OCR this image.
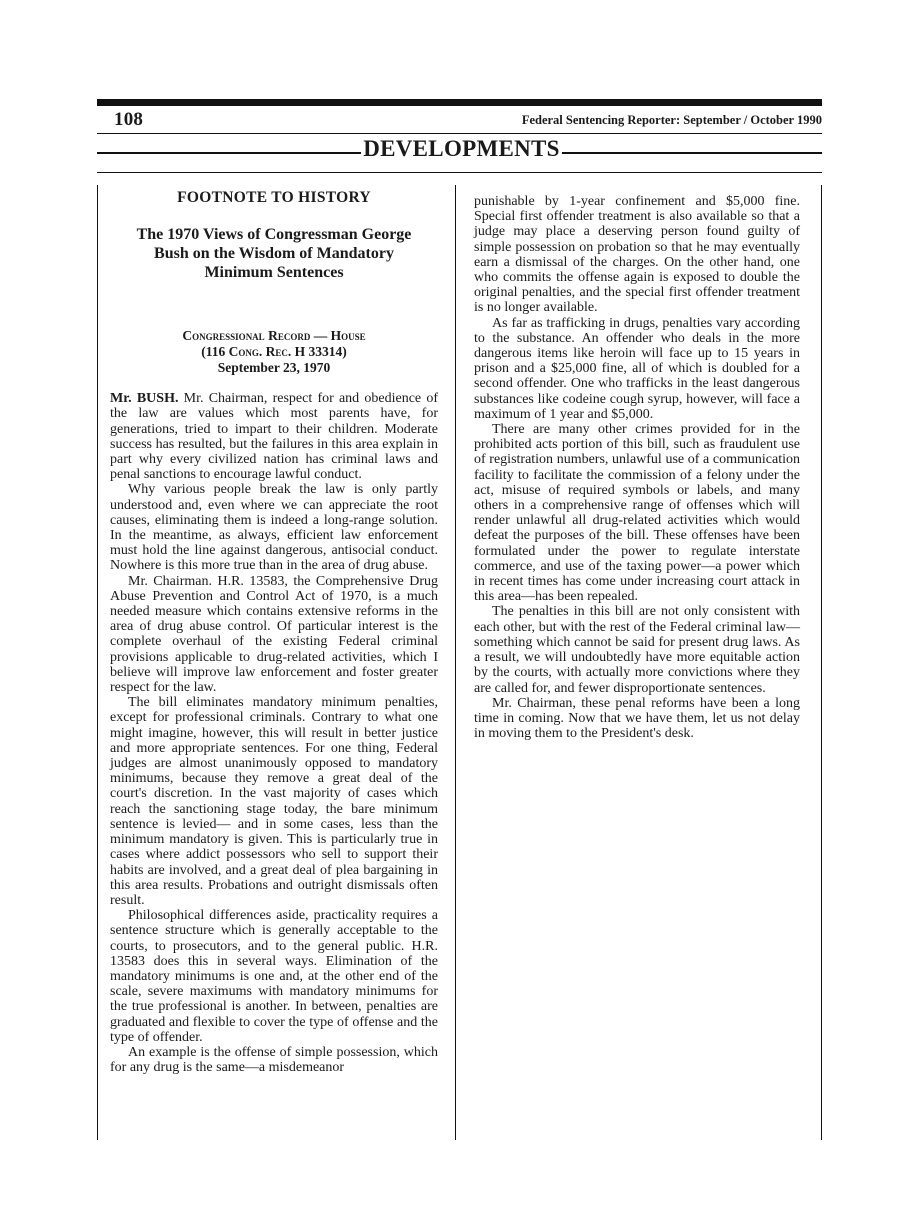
108	Federal Sentencing Reporter: September / October 1990
DEVELOPMENTS
FOOTNOTE TO HISTORY
The 1970 Views of Congressman George Bush on the Wisdom of Mandatory Minimum Sentences
Congressional Record — House
(116 Cong. Rec. H 33314)
September 23, 1970

Mr. BUSH. Mr. Chairman, respect for and obedience of the law are values which most parents have, for generations, tried to impart to their children. Moderate success has resulted, but the failures in this area explain in part why every civilized nation has criminal laws and penal sanctions to encourage lawful conduct.

Why various people break the law is only partly understood and, even where we can appreciate the root causes, eliminating them is indeed a long-range solution. In the meantime, as always, efficient law enforcement must hold the line against dangerous, antisocial conduct. Nowhere is this more true than in the area of drug abuse.

Mr. Chairman. H.R. 13583, the Comprehensive Drug Abuse Prevention and Control Act of 1970, is a much needed measure which contains extensive reforms in the area of drug abuse control. Of particular interest is the complete overhaul of the existing Federal criminal provisions applicable to drug-related activities, which I believe will improve law enforcement and foster greater respect for the law.

The bill eliminates mandatory minimum penalties, except for professional criminals. Contrary to what one might imagine, however, this will result in better justice and more appropriate sentences. For one thing, Federal judges are almost unanimously opposed to mandatory minimums, because they remove a great deal of the court's discretion. In the vast majority of cases which reach the sanctioning stage today, the bare minimum sentence is levied— and in some cases, less than the minimum mandatory is given. This is particularly true in cases where addict possessors who sell to support their habits are involved, and a great deal of plea bargaining in this area results. Probations and outright dismissals often result.

Philosophical differences aside, practicality requires a sentence structure which is generally acceptable to the courts, to prosecutors, and to the general public. H.R. 13583 does this in several ways. Elimination of the mandatory minimums is one and, at the other end of the scale, severe maximums with mandatory minimums for the true professional is another. In between, penalties are graduated and flexible to cover the type of offense and the type of offender.

An example is the offense of simple possession, which for any drug is the same—a misdemeanor

punishable by 1-year confinement and $5,000 fine. Special first offender treatment is also available so that a judge may place a deserving person found guilty of simple possession on probation so that he may eventually earn a dismissal of the charges. On the other hand, one who commits the offense again is exposed to double the original penalties, and the special first offender treatment is no longer available.

As far as trafficking in drugs, penalties vary according to the substance. An offender who deals in the more dangerous items like heroin will face up to 15 years in prison and a $25,000 fine, all of which is doubled for a second offender. One who trafficks in the least dangerous substances like codeine cough syrup, however, will face a maximum of 1 year and $5,000.

There are many other crimes provided for in the prohibited acts portion of this bill, such as fraudulent use of registration numbers, unlawful use of a communication facility to facilitate the commission of a felony under the act, misuse of required symbols or labels, and many others in a comprehensive range of offenses which will render unlawful all drug-related activities which would defeat the purposes of the bill. These offenses have been formulated under the power to regulate interstate commerce, and use of the taxing power—a power which in recent times has come under increasing court attack in this area—has been repealed.

The penalties in this bill are not only consistent with each other, but with the rest of the Federal criminal law—something which cannot be said for present drug laws. As a result, we will undoubtedly have more equitable action by the courts, with actually more convictions where they are called for, and fewer disproportionate sentences.

Mr. Chairman, these penal reforms have been a long time in coming. Now that we have them, let us not delay in moving them to the President's desk.
